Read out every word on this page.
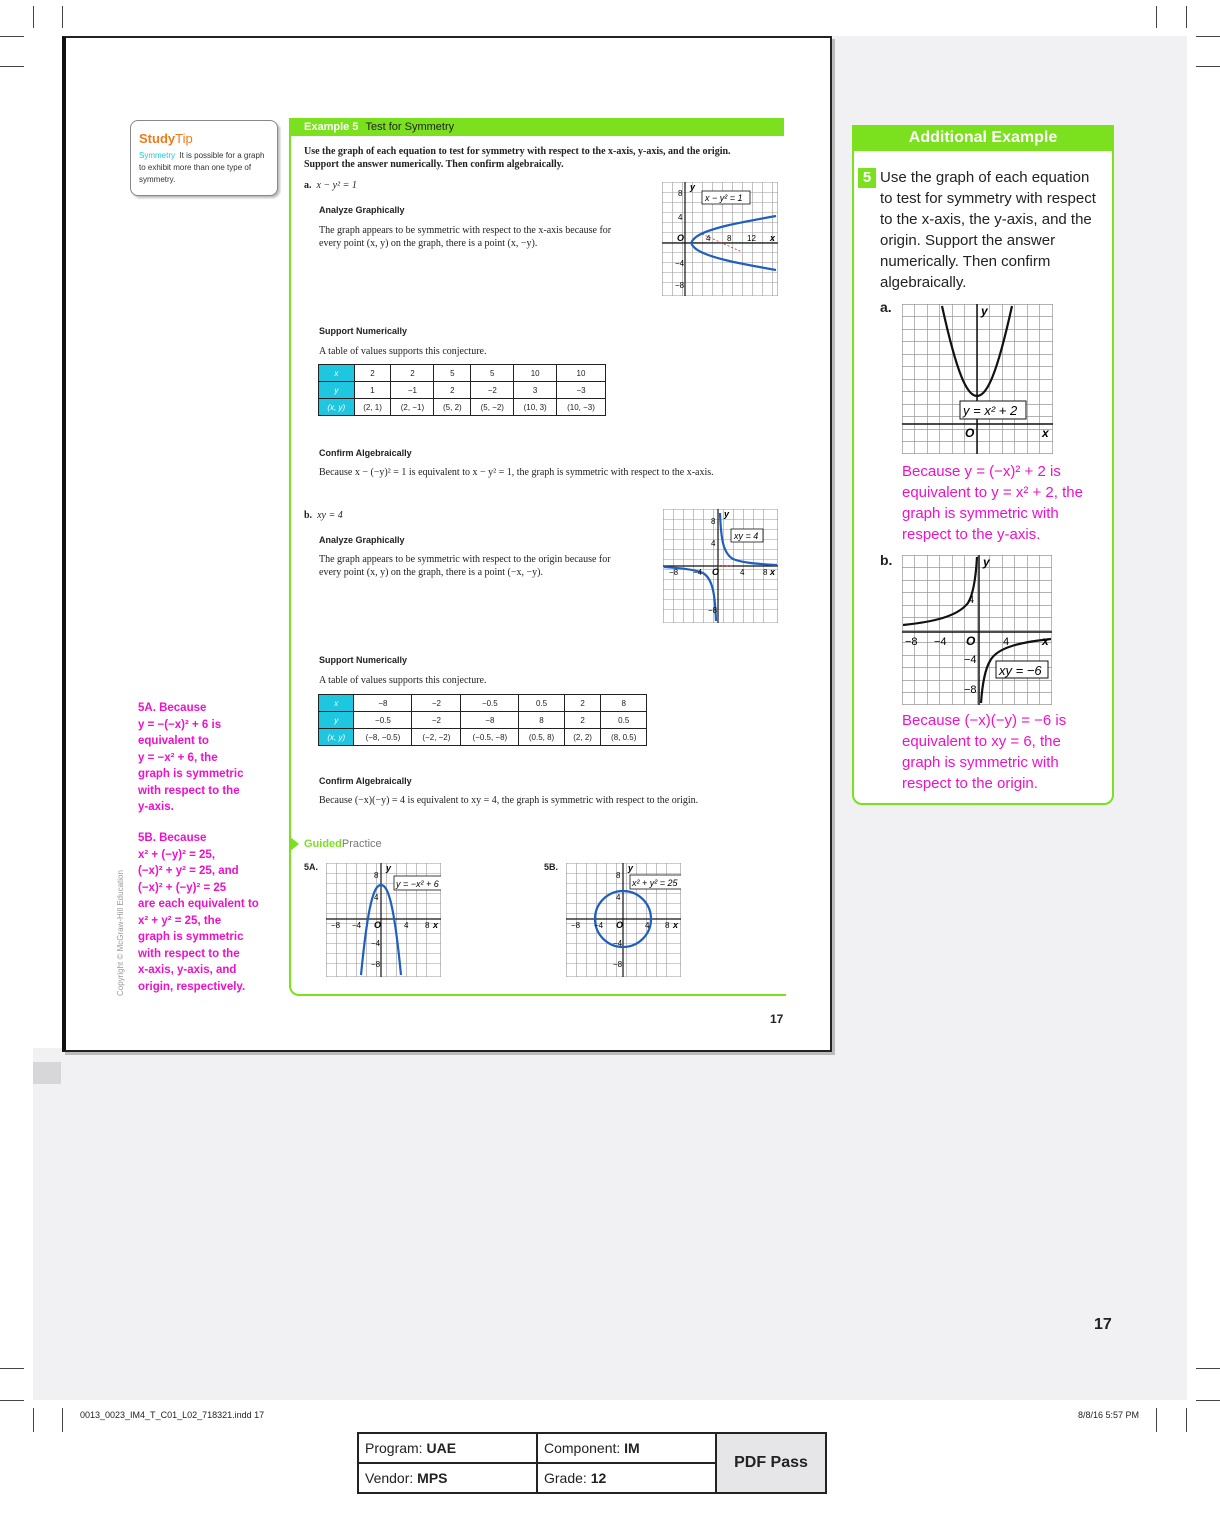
StudyTip
Symmetry It is possible for a graph to exhibit more than one type of symmetry.
Example 5 Test for Symmetry
Use the graph of each equation to test for symmetry with respect to the x-axis, y-axis, and the origin. Support the answer numerically. Then confirm algebraically.
a. x − y² = 1
Analyze Graphically
The graph appears to be symmetric with respect to the x-axis because for every point (x, y) on the graph, there is a point (x, −y).
x − y² = 1
y
x
O
8
4
−4
−8
4 8 12
Support Numerically
A table of values supports this conjecture.
x	2	2	5	5	10	10
y	1	−1	2	−2	3	−3
(x, y)	(2, 1)	(2, −1)	(5, 2)	(5, −2)	(10, 3)	(10, −3)
Confirm Algebraically
Because x − (−y)² = 1 is equivalent to x − y² = 1, the graph is symmetric with respect to the x-axis.
b. xy = 4
Analyze Graphically
The graph appears to be symmetric with respect to the origin because for every point (x, y) on the graph, there is a point (−x, −y).
xy = 4
y
x
O
8
4
−8
−8 −4	4 8
Support Numerically
A table of values supports this conjecture.
x	−8	−2	−0.5	0.5	2	8
y	−0.5	−2	−8	8	2	0.5
(x, y)	(−8, −0.5)	(−2, −2)	(−0.5, −8)	(0.5, 8)	(2, 2)	(8, 0.5)
Confirm Algebraically
Because (−x)(−y) = 4 is equivalent to xy = 4, the graph is symmetric with respect to the origin.
GuidedPractice
5A.	5B.
y = −x² + 6
y
x
O
8
4
−4
−8
−8 −4	4 8
x² + y² = 25
y
x
O
8
4
−4
−8
−8 −4	4 8
17
5A. Because
y = −(−x)² + 6 is
equivalent to
y = −x² + 6, the
graph is symmetric
with respect to the
y-axis.
5B. Because
x² + (−y)² = 25,
(−x)² + y² = 25, and
(−x)² + (−y)² = 25
are each equivalent to
x² + y² = 25, the
graph is symmetric
with respect to the
x-axis, y-axis, and
origin, respectively.
Copyright © McGraw-Hill Education
Additional Example
5 Use the graph of each equation
to test for symmetry with respect
to the x-axis, the y-axis, and the
origin. Support the answer
numerically. Then confirm
algebraically.
a.
y = x² + 2
y
x
O
Because y = (−x)² + 2 is
equivalent to y = x² + 2, the
graph is symmetric with
respect to the y-axis.
b.
xy = −6
y
x
O
4
−4
−8
−8 −4	4
Because (−x)(−y) = −6 is
equivalent to xy = 6, the
graph is symmetric with
respect to the origin.
17
0013_0023_IM4_T_C01_L02_718321.indd 17	8/8/16 5:57 PM
Program: UAE	Component: IM	PDF Pass
Vendor: MPS	Grade: 12	
